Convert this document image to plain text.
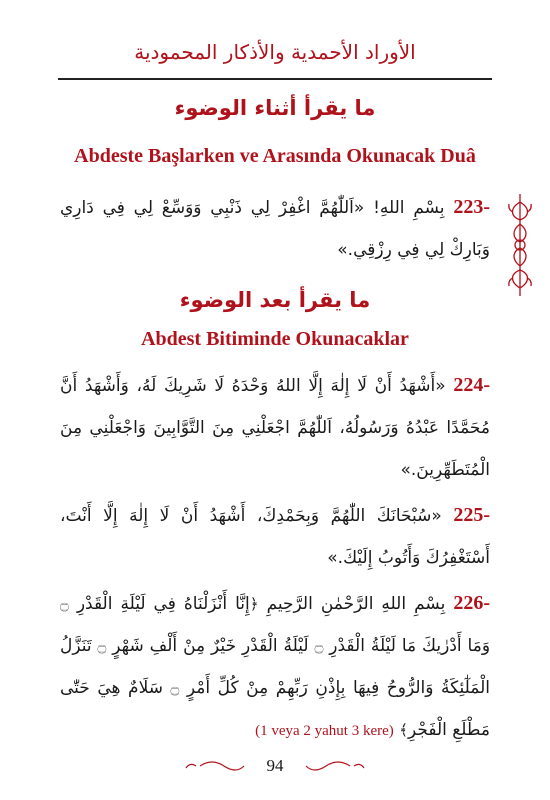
الأوراد الأحمدية والأذكار المحمودية
ما يقرأ أثناء الوضوء
Abdeste Başlarken ve Arasında Okunacak Duâ
223- بِسْمِ اللهِ! «اَللّٰهُمَّ اغْفِرْ لِي ذَنْبِي وَوَسِّعْ لِي فِي دَارِي وَبَارِكْ لِي فِي رِزْقِي.»
ما يقرأ بعد الوضوء
Abdest Bitiminde Okunacaklar
224- «أَشْهَدُ أَنْ لَا إِلٰهَ إِلَّا اللهُ وَحْدَهُ لَا شَرِيكَ لَهُ، وَأَشْهَدُ أَنَّ مُحَمَّدًا عَبْدُهُ وَرَسُولُهُ، اَللّٰهُمَّ اجْعَلْنِي مِنَ التَّوَّابِينَ وَاجْعَلْنِي مِنَ الْمُتَطَهِّرِينَ.»
225- «سُبْحَانَكَ اللّٰهُمَّ وَبِحَمْدِكَ، أَشْهَدُ أَنْ لَا إِلٰهَ إِلَّا أَنْتَ، أَسْتَغْفِرُكَ وَأَتُوبُ إِلَيْكَ.»
226- بِسْمِ اللهِ الرَّحْمٰنِ الرَّحِيمِ ﴿إِنَّا أَنْزَلْنَاهُ فِي لَيْلَةِ الْقَدْرِ ۝ وَمَا أَدْرٰيكَ مَا لَيْلَةُ الْقَدْرِ ۝ لَيْلَةُ الْقَدْرِ خَيْرٌ مِنْ أَلْفِ شَهْرٍ ۝ تَنَزَّلُ الْمَلٰٓئِكَةُ وَالرُّوحُ فِيهَا بِإِذْنِ رَبِّهِمْ مِنْ كُلِّ أَمْرٍ ۝ سَلَامٌ هِيَ حَتّٰى مَطْلَعِ الْفَجْرِ﴾ (1 veya 2 yahut 3 kere)
94
